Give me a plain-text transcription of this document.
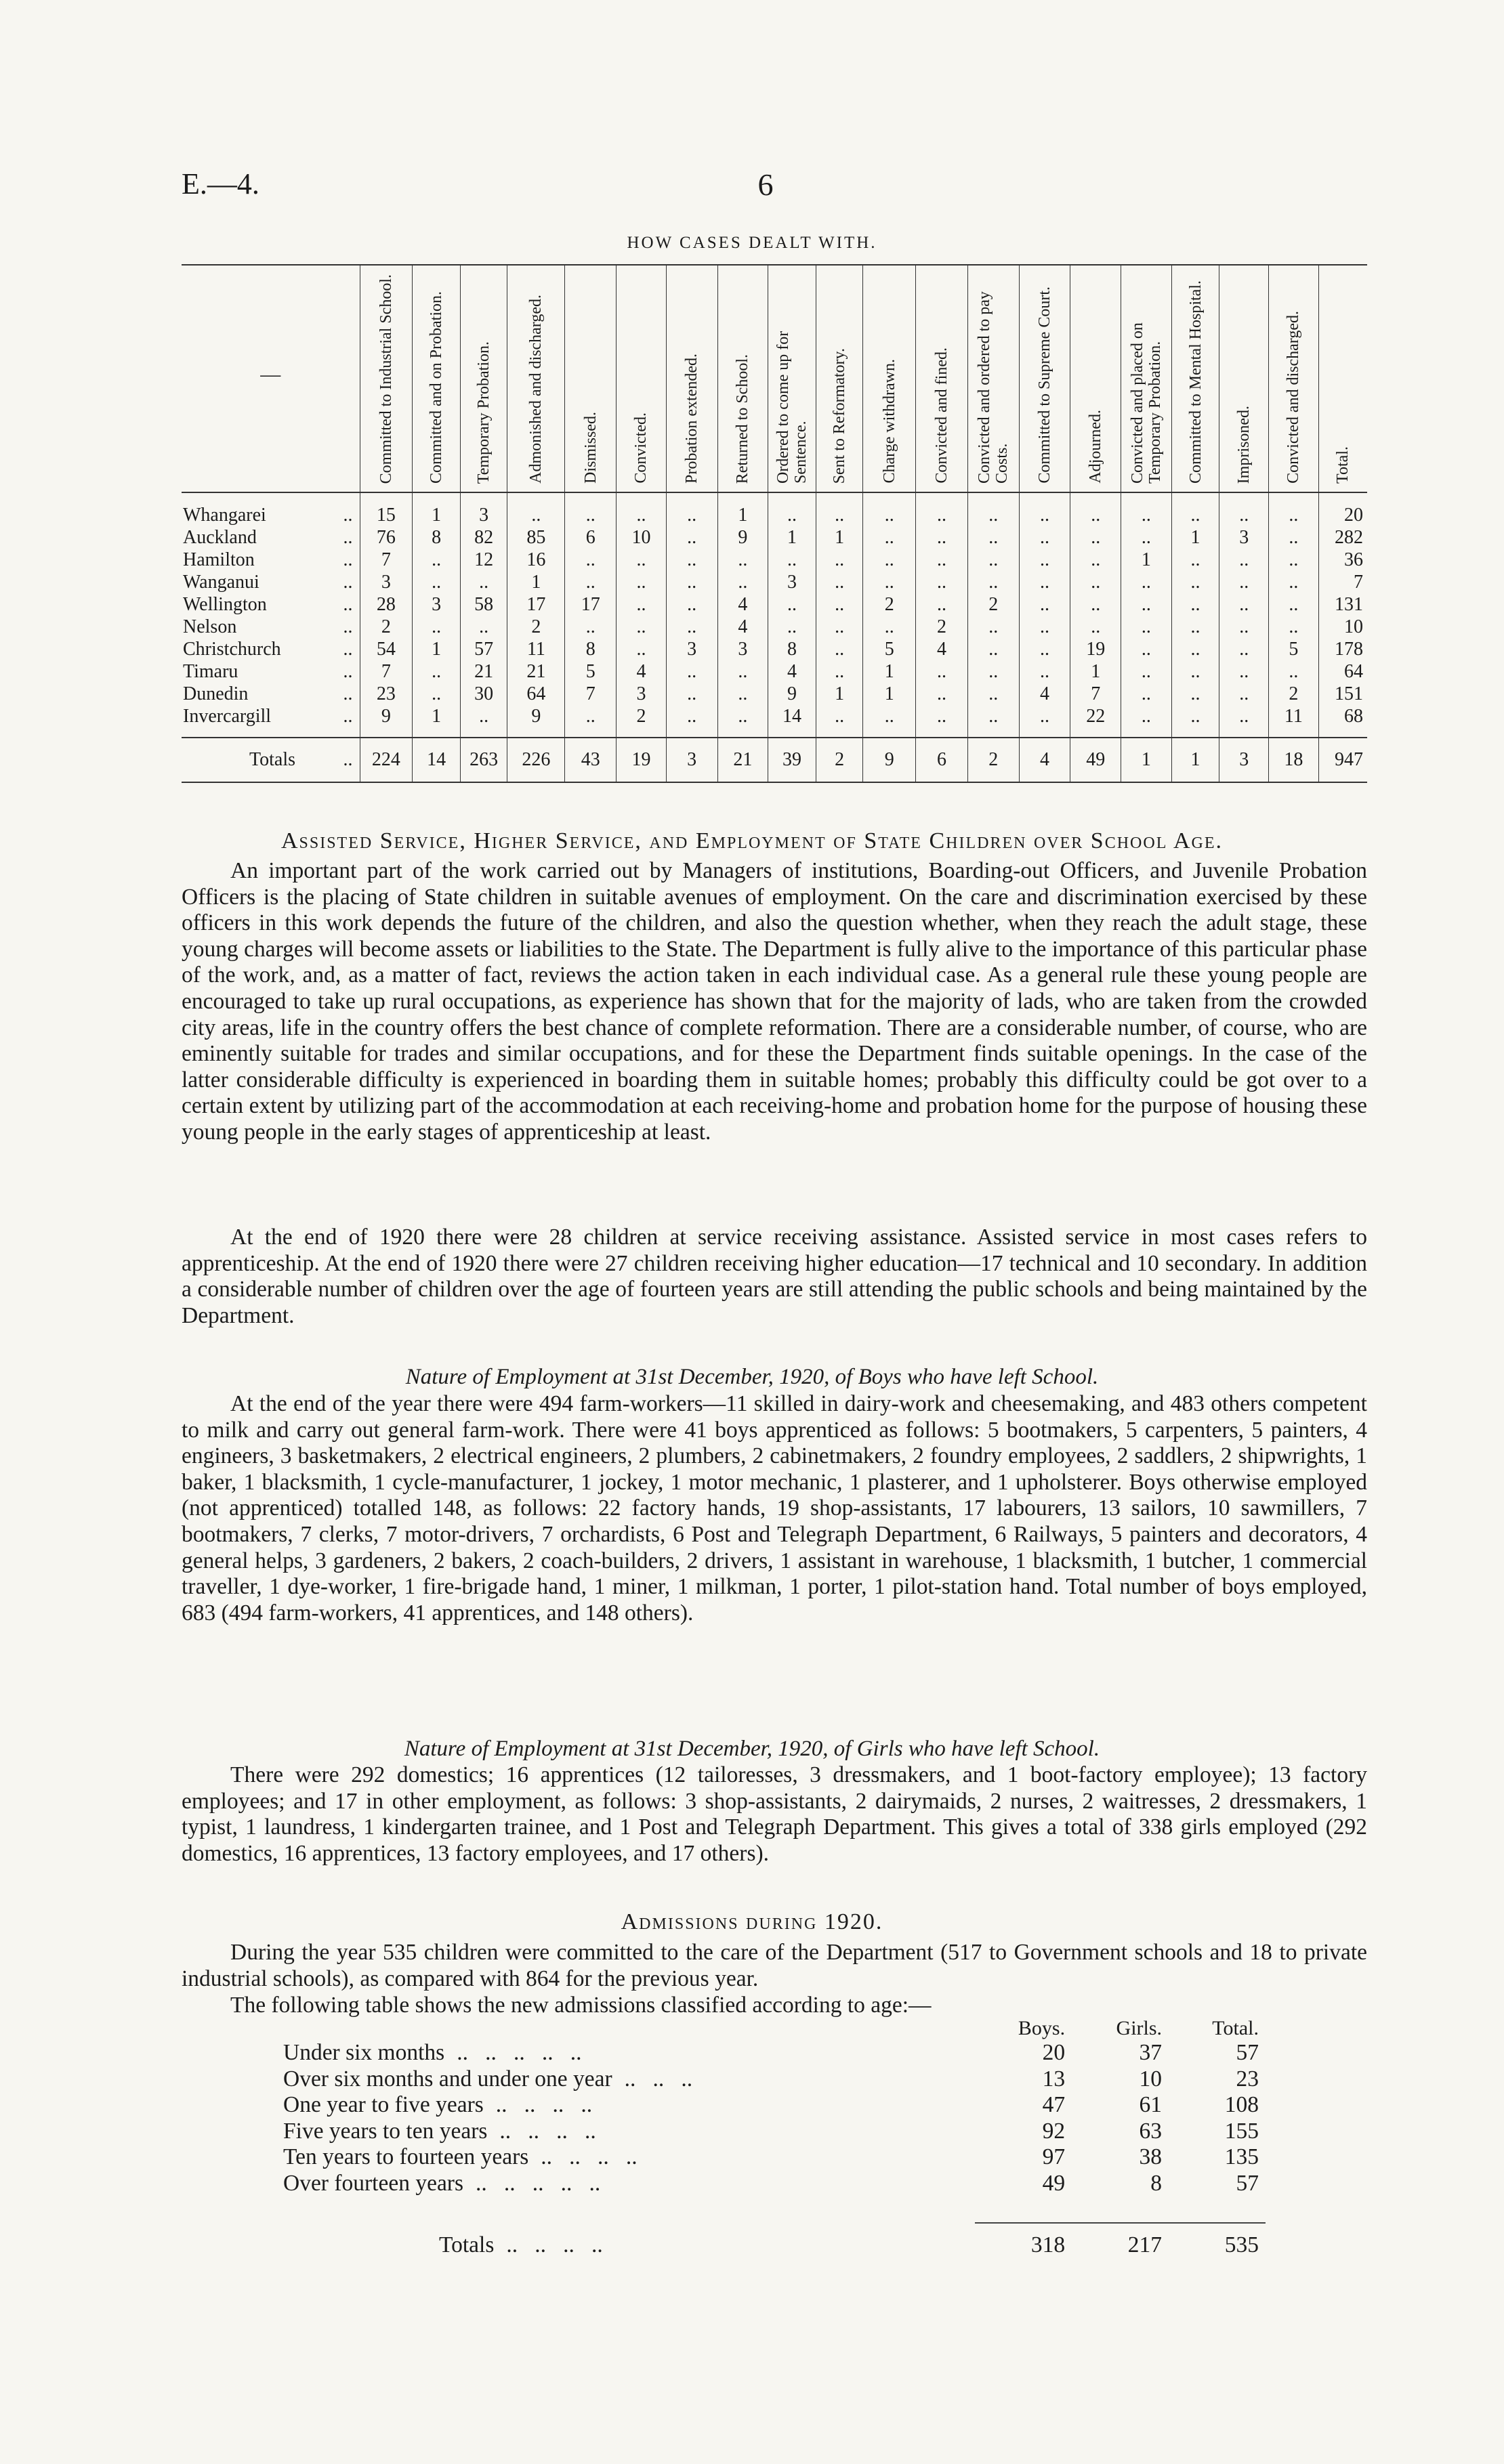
E.—4.	6
HOW CASES DEALT WITH.
—	Committed to Industrial School.	Committed and on Probation.	Temporary Probation.	Admonished and discharged.	Dismissed.	Convicted.	Probation extended.	Returned to School.	Ordered to come up for Sentence.	Sent to Reformatory.	Charge withdrawn.	Convicted and fined.	Convicted and ordered to pay Costs.	Committed to Supreme Court.	Adjourned.	Convicted and placed on Temporary Probation.	Committed to Mental Hospital.	Imprisoned.	Convicted and discharged.	Total.

Whangarei ..	15	1	3	..	..	..	..	1	..	..	..	..	..	..	..	..	..	..	..	20

Auckland ..	76	8	82	85	6	10	..	9	1	1	..	..	..	..	..	..	1	3	..	282

Hamilton ..	7	..	12	16	..	..	..	..	..	..	..	..	..	..	..	1	..	..	..	36

Wanganui ..	3	..	..	1	..	..	..	..	3	..	..	..	..	..	..	..	..	..	..	7

Wellington ..	28	3	58	17	17	..	..	4	..	..	2	..	2	..	..	..	..	..	..	131

Nelson ..	2	..	..	2	..	..	..	4	..	..	..	2	..	..	..	..	..	..	..	10

Christchurch ..	54	1	57	11	8	..	3	3	8	..	5	4	..	..	19	..	..	..	5	178

Timaru ..	7	..	21	21	5	4	..	..	4	..	1	..	..	..	1	..	..	..	..	64

Dunedin ..	23	..	30	64	7	3	..	..	9	1	1	..	..	4	7	..	..	..	2	151

Invercargill ..	9	1	..	9	..	2	..	..	14	..	..	..	..	..	22	..	..	..	11	68

Totals ..	224	14	263	226	43	19	3	21	39	2	9	6	2	4	49	1	1	3	18	947
Assisted Service, Higher Service, and Employment of State Children over School Age.

An important part of the work carried out by Managers of institutions, Boarding-out Officers, and Juvenile Probation Officers is the placing of State children in suitable avenues of employment. On the care and discrimination exercised by these officers in this work depends the future of the children, and also the question whether, when they reach the adult stage, these young charges will become assets or liabilities to the State. The Department is fully alive to the importance of this particular phase of the work, and, as a matter of fact, reviews the action taken in each individual case. As a general rule these young people are encouraged to take up rural occupations, as experience has shown that for the majority of lads, who are taken from the crowded city areas, life in the country offers the best chance of complete reformation. There are a considerable number, of course, who are eminently suitable for trades and similar occupations, and for these the Department finds suitable openings. In the case of the latter considerable difficulty is experienced in boarding them in suitable homes; probably this difficulty could be got over to a certain extent by utilizing part of the accommodation at each receiving-home and probation home for the purpose of housing these young people in the early stages of apprenticeship at least.

At the end of 1920 there were 28 children at service receiving assistance. Assisted service in most cases refers to apprenticeship. At the end of 1920 there were 27 children receiving higher education—17 technical and 10 secondary. In addition a considerable number of children over the age of fourteen years are still attending the public schools and being maintained by the Department.

Nature of Employment at 31st December, 1920, of Boys who have left School.

At the end of the year there were 494 farm-workers—11 skilled in dairy-work and cheesemaking, and 483 others competent to milk and carry out general farm-work. There were 41 boys apprenticed as follows: 5 bootmakers, 5 carpenters, 5 painters, 4 engineers, 3 basketmakers, 2 electrical engineers, 2 plumbers, 2 cabinetmakers, 2 foundry employees, 2 saddlers, 2 shipwrights, 1 baker, 1 blacksmith, 1 cycle-manufacturer, 1 jockey, 1 motor mechanic, 1 plasterer, and 1 upholsterer. Boys otherwise employed (not apprenticed) totalled 148, as follows: 22 factory hands, 19 shop-assistants, 17 labourers, 13 sailors, 10 sawmillers, 7 bootmakers, 7 clerks, 7 motor-drivers, 7 orchardists, 6 Post and Telegraph Department, 6 Railways, 5 painters and decorators, 4 general helps, 3 gardeners, 2 bakers, 2 coach-builders, 2 drivers, 1 assistant in warehouse, 1 blacksmith, 1 butcher, 1 commercial traveller, 1 dye-worker, 1 fire-brigade hand, 1 miner, 1 milkman, 1 porter, 1 pilot-station hand. Total number of boys employed, 683 (494 farm-workers, 41 apprentices, and 148 others).

Nature of Employment at 31st December, 1920, of Girls who have left School.

There were 292 domestics; 16 apprentices (12 tailoresses, 3 dressmakers, and 1 boot-factory employee); 13 factory employees; and 17 in other employment, as follows: 3 shop-assistants, 2 dairymaids, 2 nurses, 2 waitresses, 2 dressmakers, 1 typist, 1 laundress, 1 kindergarten trainee, and 1 Post and Telegraph Department. This gives a total of 338 girls employed (292 domestics, 16 apprentices, 13 factory employees, and 17 others).

Admissions during 1920.

During the year 535 children were committed to the care of the Department (517 to Government schools and 18 to private industrial schools), as compared with 864 for the previous year.

The following table shows the new admissions classified according to age:—

	Boys.	Girls.	Total.
Under six months ..   ..   ..   ..   ..	20	37	57
Over six months and under one year ..   ..   ..	13	10	23
One year to five years ..   ..   ..   ..	47	61	108
Five years to ten years ..   ..   ..   ..	92	63	155
Ten years to fourteen years ..   ..   ..   ..	97	38	135
Over fourteen years ..   ..   ..   ..   ..	49	8	57

Totals ..   ..   ..   ..	318	217	535
